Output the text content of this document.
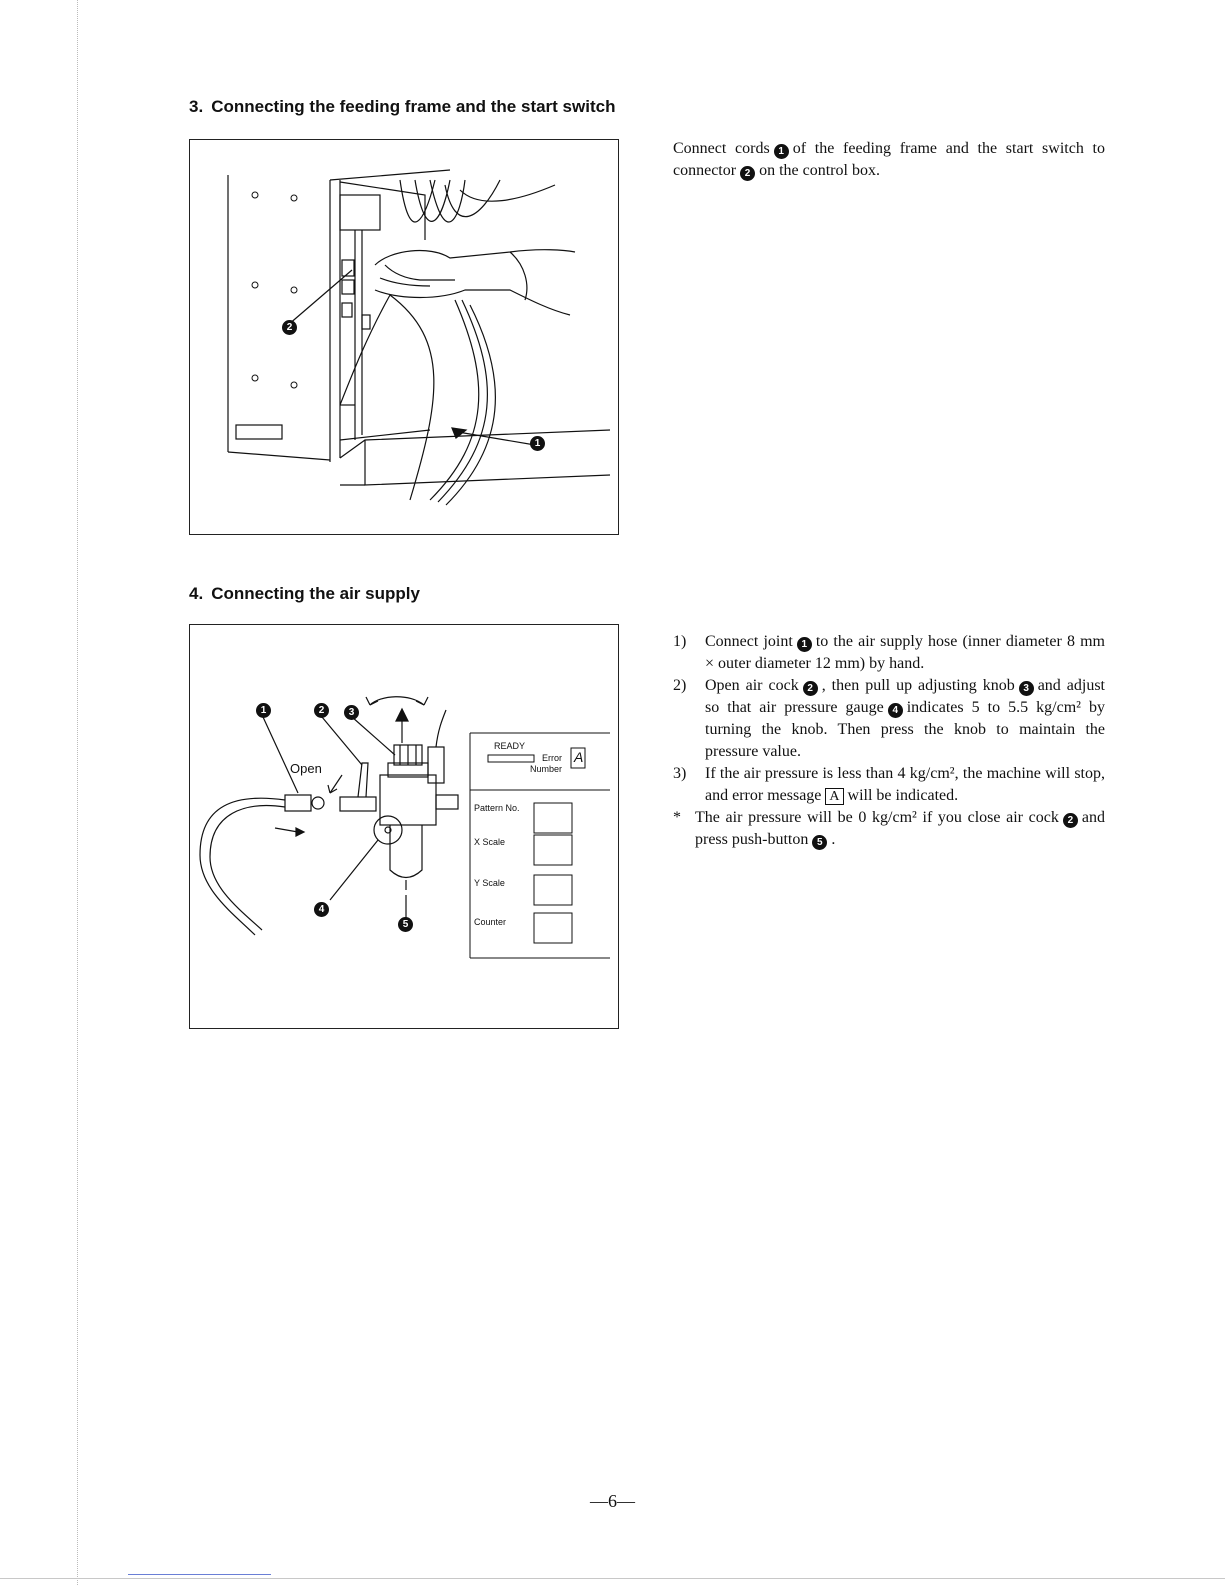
3. Connecting the feeding frame and the start switch
2
1

Connect cords 1 of the feeding frame and the start switch to connector 2 on the control box.

4. Connecting the air supply
1	2	3
4
5
Open
READY
Error
Number
A
Pattern No.
X Scale
Y Scale
Counter
1) Connect joint 1 to the air supply hose (inner diameter 8 mm × outer diameter 12 mm) by hand.
2) Open air cock 2 , then pull up adjusting knob 3 and adjust so that air pressure gauge 4 indicates 5 to 5.5 kg/cm² by turning the knob. Then press the knob to maintain the pressure value.
3) If the air pressure is less than 4 kg/cm², the machine will stop, and error message A will be indicated.
* The air pressure will be 0 kg/cm² if you close air cock 2 and press push-button 5 .
—6—
